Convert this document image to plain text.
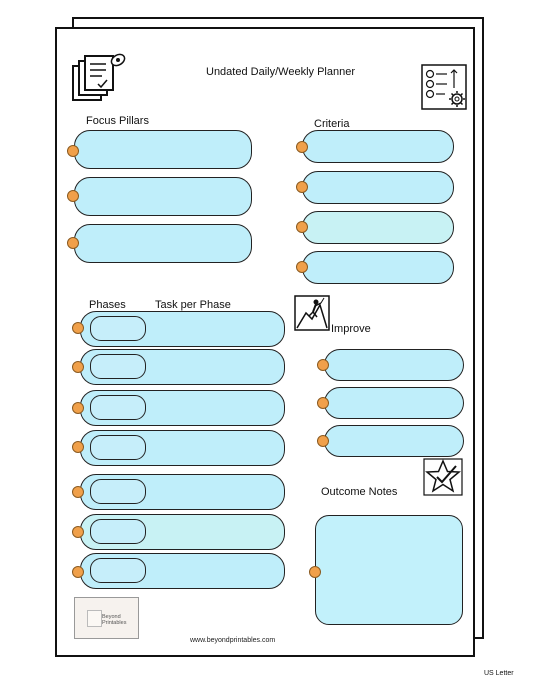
Undated Daily/Weekly Planner
Focus Pillars	Criteria
Phases	Task per Phase
Improve
Outcome Notes
Beyond
Printables
www.beyondprintables.com
US Letter
